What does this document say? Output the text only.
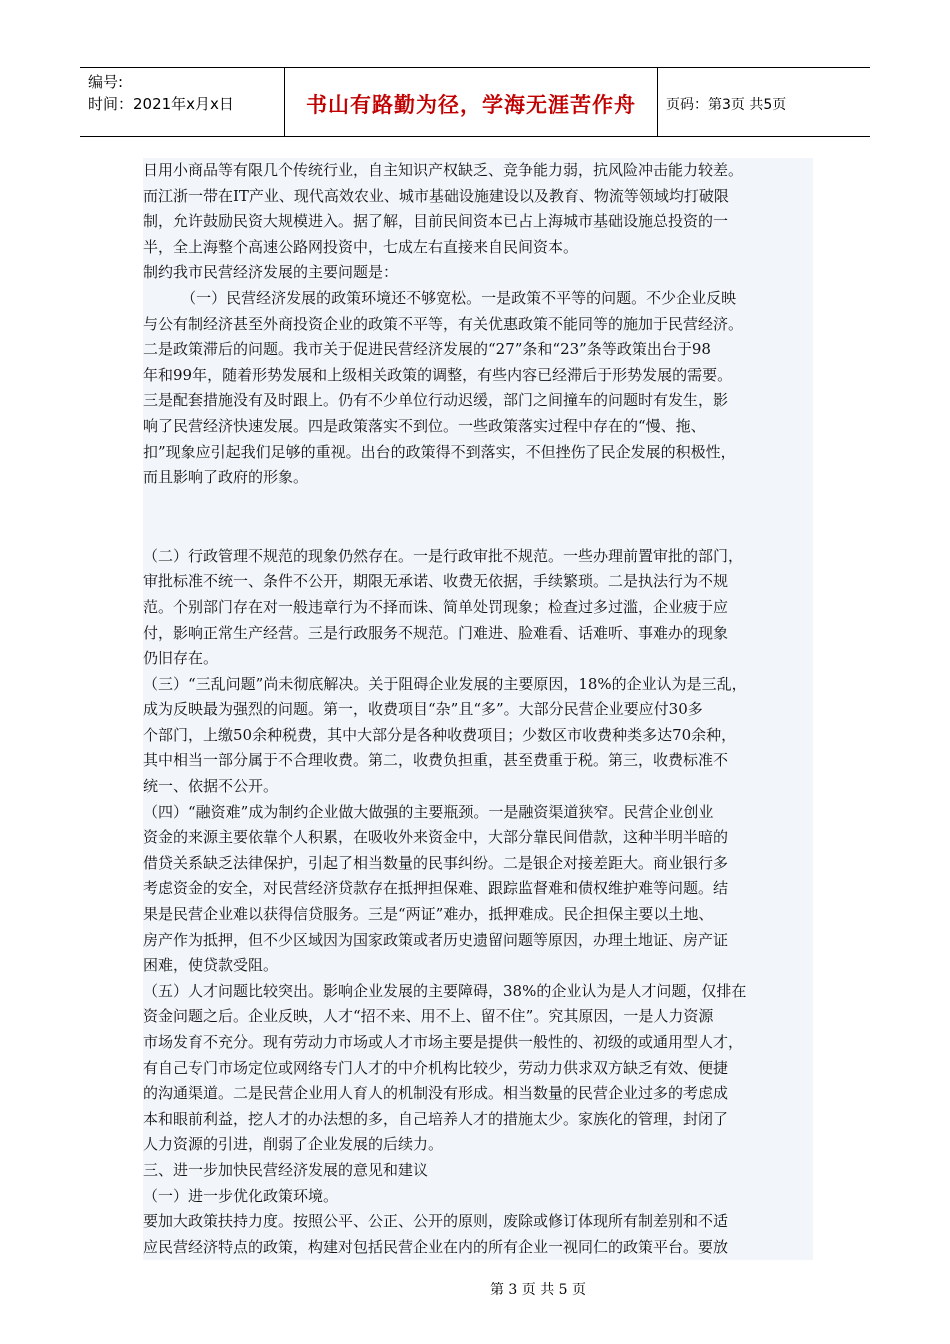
编号:
时间：2021年x月x日	书山有路勤为径，学海无涯苦作舟	页码：第3页 共5页
日用小商品等有限几个传统行业，自主知识产权缺乏、竞争能力弱，抗风险冲击能力较差。
而江浙一带在IT产业、现代高效农业、城市基础设施建设以及教育、物流等领域均打破限
制，允许鼓励民资大规模进入。据了解，目前民间资本已占上海城市基础设施总投资的一
半，全上海整个高速公路网投资中，七成左右直接来自民间资本。
制约我市民营经济发展的主要问题是：
（一）民营经济发展的政策环境还不够宽松。一是政策不平等的问题。不少企业反映
与公有制经济甚至外商投资企业的政策不平等，有关优惠政策不能同等的施加于民营经济。
二是政策滞后的问题。我市关于促进民营经济发展的“27”条和“23”条等政策出台于98
年和99年，随着形势发展和上级相关政策的调整，有些内容已经滞后于形势发展的需要。
三是配套措施没有及时跟上。仍有不少单位行动迟缓，部门之间撞车的问题时有发生，影
响了民营经济快速发展。四是政策落实不到位。一些政策落实过程中存在的“慢、拖、
扣”现象应引起我们足够的重视。出台的政策得不到落实，不但挫伤了民企发展的积极性，
而且影响了政府的形象。
（二）行政管理不规范的现象仍然存在。一是行政审批不规范。一些办理前置审批的部门，
审批标准不统一、条件不公开，期限无承诺、收费无依据，手续繁琐。二是执法行为不规
范。个别部门存在对一般违章行为不择而诛、简单处罚现象；检查过多过滥，企业疲于应
付，影响正常生产经营。三是行政服务不规范。门难进、脸难看、话难听、事难办的现象
仍旧存在。
（三）“三乱问题”尚未彻底解决。关于阻碍企业发展的主要原因，18%的企业认为是三乱，
成为反映最为强烈的问题。第一，收费项目“杂”且“多”。大部分民营企业要应付30多
个部门，上缴50余种税费，其中大部分是各种收费项目；少数区市收费种类多达70余种，
其中相当一部分属于不合理收费。第二，收费负担重，甚至费重于税。第三，收费标准不
统一、依据不公开。
（四）“融资难”成为制约企业做大做强的主要瓶颈。一是融资渠道狭窄。民营企业创业
资金的来源主要依靠个人积累，在吸收外来资金中，大部分靠民间借款，这种半明半暗的
借贷关系缺乏法律保护，引起了相当数量的民事纠纷。二是银企对接差距大。商业银行多
考虑资金的安全，对民营经济贷款存在抵押担保难、跟踪监督难和债权维护难等问题。结
果是民营企业难以获得信贷服务。三是“两证”难办，抵押难成。民企担保主要以土地、
房产作为抵押，但不少区域因为国家政策或者历史遗留问题等原因，办理土地证、房产证
困难，使贷款受阻。
（五）人才问题比较突出。影响企业发展的主要障碍，38%的企业认为是人才问题，仅排在
资金问题之后。企业反映，人才“招不来、用不上、留不住”。究其原因，一是人力资源
市场发育不充分。现有劳动力市场或人才市场主要是提供一般性的、初级的或通用型人才，
有自己专门市场定位或网络专门人才的中介机构比较少，劳动力供求双方缺乏有效、便捷
的沟通渠道。二是民营企业用人育人的机制没有形成。相当数量的民营企业过多的考虑成
本和眼前利益，挖人才的办法想的多，自己培养人才的措施太少。家族化的管理，封闭了
人力资源的引进，削弱了企业发展的后续力。
三、进一步加快民营经济发展的意见和建议
（一）进一步优化政策环境。
要加大政策扶持力度。按照公平、公正、公开的原则，废除或修订体现所有制差别和不适
应民营经济特点的政策，构建对包括民营企业在内的所有企业一视同仁的政策平台。要放
第 3 页 共 5 页
